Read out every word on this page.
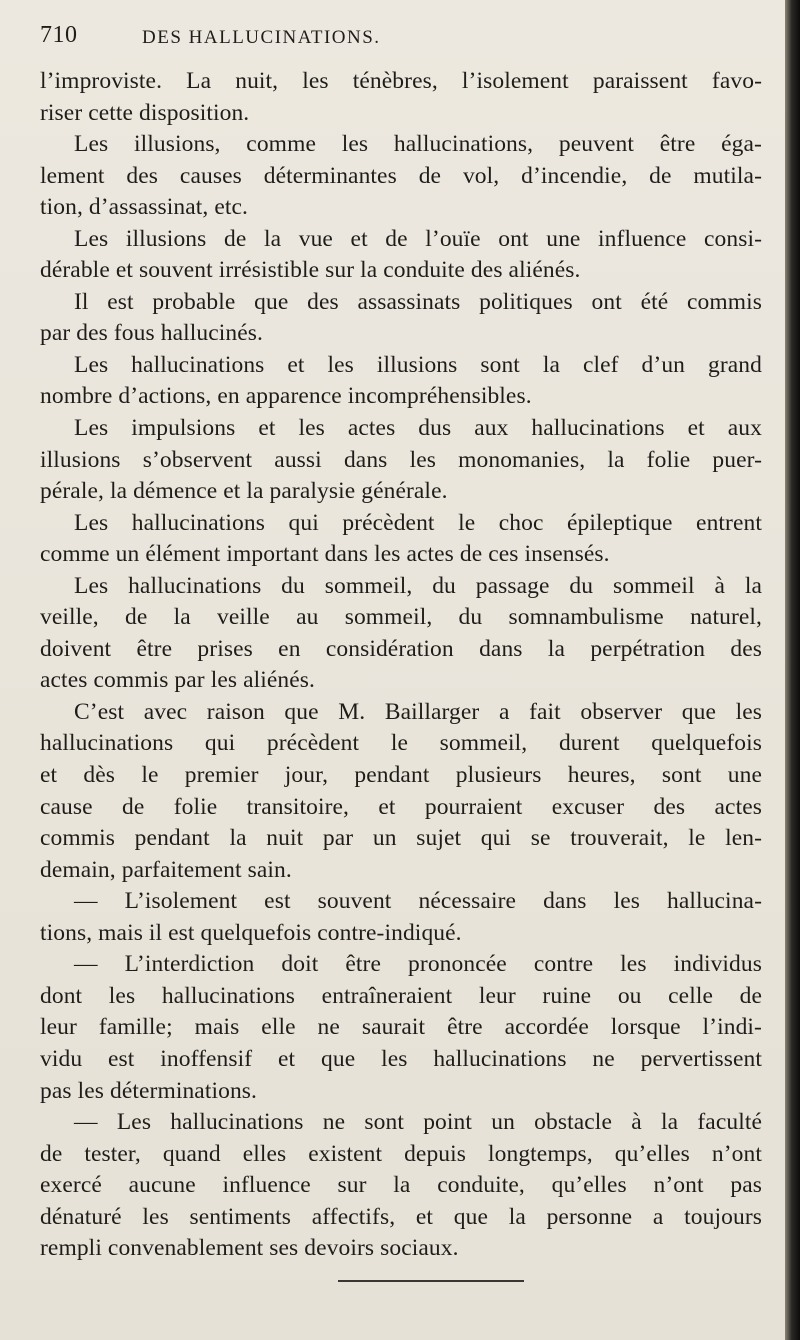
710	DES HALLUCINATIONS.
l’improviste. La nuit, les ténèbres, l’isolement paraissent favo-
riser cette disposition.
Les illusions, comme les hallucinations, peuvent être éga-
lement des causes déterminantes de vol, d’incendie, de mutila-
tion, d’assassinat, etc.
Les illusions de la vue et de l’ouïe ont une influence consi-
dérable et souvent irrésistible sur la conduite des aliénés.
Il est probable que des assassinats politiques ont été commis
par des fous hallucinés.
Les hallucinations et les illusions sont la clef d’un grand
nombre d’actions, en apparence incompréhensibles.
Les impulsions et les actes dus aux hallucinations et aux
illusions s’observent aussi dans les monomanies, la folie puer-
pérale, la démence et la paralysie générale.
Les hallucinations qui précèdent le choc épileptique entrent
comme un élément important dans les actes de ces insensés.
Les hallucinations du sommeil, du passage du sommeil à la
veille, de la veille au sommeil, du somnambulisme naturel,
doivent être prises en considération dans la perpétration des
actes commis par les aliénés.
C’est avec raison que M. Baillarger a fait observer que les
hallucinations qui précèdent le sommeil, durent quelquefois
et dès le premier jour, pendant plusieurs heures, sont une
cause de folie transitoire, et pourraient excuser des actes
commis pendant la nuit par un sujet qui se trouverait, le len-
demain, parfaitement sain.
— L’isolement est souvent nécessaire dans les hallucina-
tions, mais il est quelquefois contre-indiqué.
— L’interdiction doit être prononcée contre les individus
dont les hallucinations entraîneraient leur ruine ou celle de
leur famille; mais elle ne saurait être accordée lorsque l’indi-
vidu est inoffensif et que les hallucinations ne pervertissent
pas les déterminations.
— Les hallucinations ne sont point un obstacle à la faculté
de tester, quand elles existent depuis longtemps, qu’elles n’ont
exercé aucune influence sur la conduite, qu’elles n’ont pas
dénaturé les sentiments affectifs, et que la personne a toujours
rempli convenablement ses devoirs sociaux.
